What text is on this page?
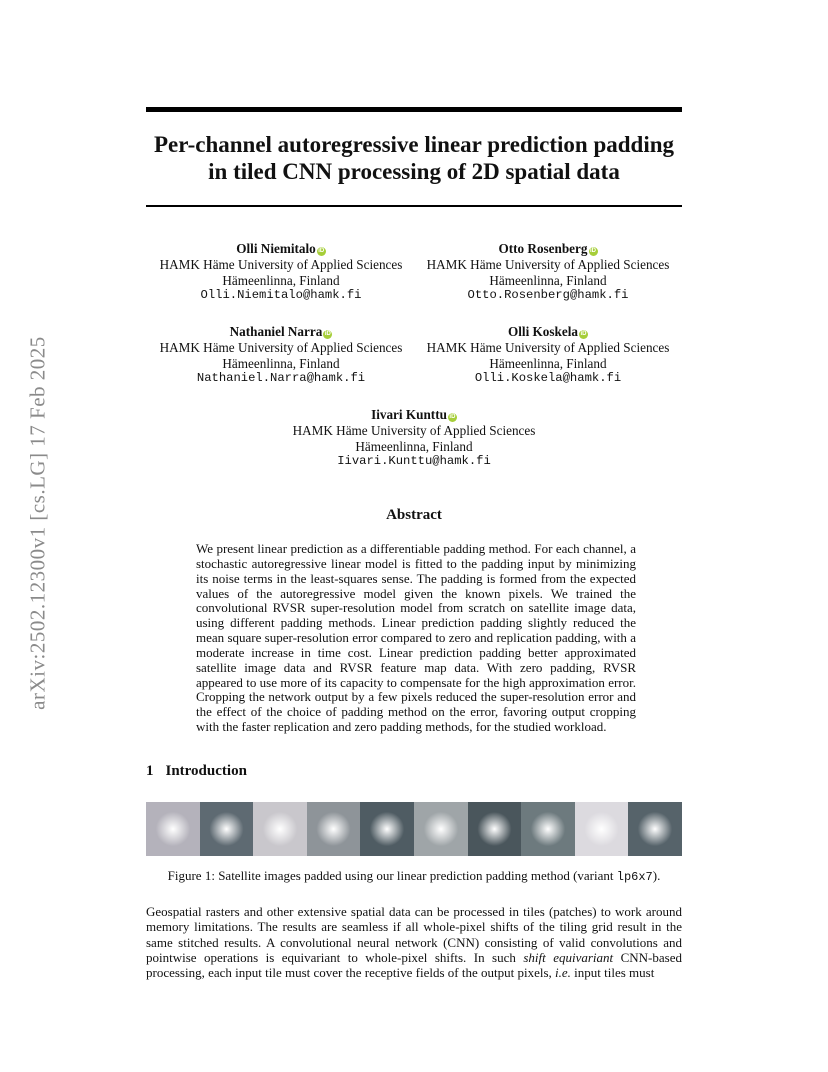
Per-channel autoregressive linear prediction padding
in tiled CNN processing of 2D spatial data
arXiv:2502.12300v1 [cs.LG] 17 Feb 2025
Olli Niemitalo iD
HAMK Häme University of Applied Sciences
Hämeenlinna, Finland
Olli.Niemitalo@hamk.fi
Otto Rosenberg iD
HAMK Häme University of Applied Sciences
Hämeenlinna, Finland
Otto.Rosenberg@hamk.fi
Nathaniel Narra iD
HAMK Häme University of Applied Sciences
Hämeenlinna, Finland
Nathaniel.Narra@hamk.fi
Olli Koskela iD
HAMK Häme University of Applied Sciences
Hämeenlinna, Finland
Olli.Koskela@hamk.fi
Iivari Kunttu iD
HAMK Häme University of Applied Sciences
Hämeenlinna, Finland
Iivari.Kunttu@hamk.fi
Abstract
We present linear prediction as a differentiable padding method. For each channel, a stochastic autoregressive linear model is fitted to the padding input by minimizing its noise terms in the least-squares sense. The padding is formed from the expected values of the autoregressive model given the known pixels. We trained the convolutional RVSR super-resolution model from scratch on satellite image data, using different padding methods. Linear prediction padding slightly reduced the mean square super-resolution error compared to zero and replication padding, with a moderate increase in time cost. Linear prediction padding better approximated satellite image data and RVSR feature map data. With zero padding, RVSR appeared to use more of its capacity to compensate for the high approximation error. Cropping the network output by a few pixels reduced the super-resolution error and the effect of the choice of padding method on the error, favoring output cropping with the faster replication and zero padding methods, for the studied workload.
1 Introduction
Figure 1: Satellite images padded using our linear prediction padding method (variant lp6x7).
Geospatial rasters and other extensive spatial data can be processed in tiles (patches) to work around memory limitations. The results are seamless if all whole-pixel shifts of the tiling grid result in the same stitched results. A convolutional neural network (CNN) consisting of valid convolutions and pointwise operations is equivariant to whole-pixel shifts. In such shift equivariant CNN-based processing, each input tile must cover the receptive fields of the output pixels, i.e. input tiles must
